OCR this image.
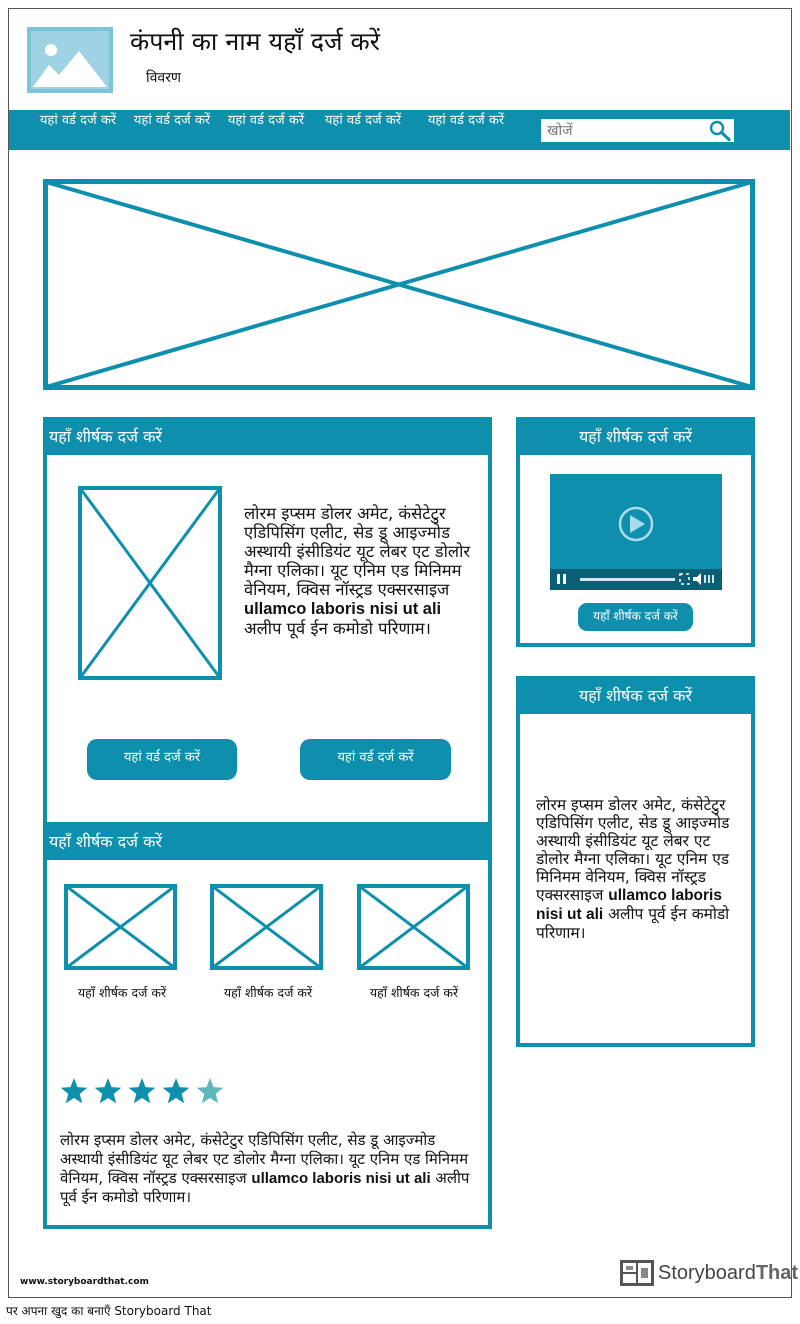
कंपनी का नाम यहाँ दर्ज करें
विवरण
यहां वर्ड दर्ज करें	यहां वर्ड दर्ज करें	यहां वर्ड दर्ज करें	यहां वर्ड दर्ज करें	यहां वर्ड दर्ज करें
खोजें
यहाँ शीर्षक दर्ज करें
लोरम इप्सम डोलर अमेट, कंसेटेटुर एडिपिसिंग एलीट, सेड डू आइज्मोड अस्थायी इंसीडियंट यूट लेबर एट डोलोर मैग्ना एलिका। यूट एनिम एड मिनिमम वेनियम, क्विस नॉस्ट्रड एक्सरसाइज ullamco laboris nisi ut ali अलीप पूर्व ईन कमोडो परिणाम।
यहां वर्ड दर्ज करें	यहां वर्ड दर्ज करें
यहाँ शीर्षक दर्ज करें
यहाँ शीर्षक दर्ज करें	यहाँ शीर्षक दर्ज करें	यहाँ शीर्षक दर्ज करें
लोरम इप्सम डोलर अमेट, कंसेटेटुर एडिपिसिंग एलीट, सेड डू आइज्मोड अस्थायी इंसीडियंट यूट लेबर एट डोलोर मैग्ना एलिका। यूट एनिम एड मिनिमम वेनियम, क्विस नॉस्ट्रड एक्सरसाइज ullamco laboris nisi ut ali अलीप पूर्व ईन कमोडो परिणाम।
यहाँ शीर्षक दर्ज करें
यहाँ शीर्षक दर्ज करें
यहाँ शीर्षक दर्ज करें
लोरम इप्सम डोलर अमेट, कंसेटेटुर एडिपिसिंग एलीट, सेड डू आइज्मोड अस्थायी इंसीडियंट यूट लेबर एट डोलोर मैग्ना एलिका। यूट एनिम एड मिनिमम वेनियम, क्विस नॉस्ट्रड एक्सरसाइज ullamco laboris nisi ut ali अलीप पूर्व ईन कमोडो परिणाम।
www.storyboardthat.com	StoryboardThat
पर अपना खुद का बनाएँ Storyboard That
